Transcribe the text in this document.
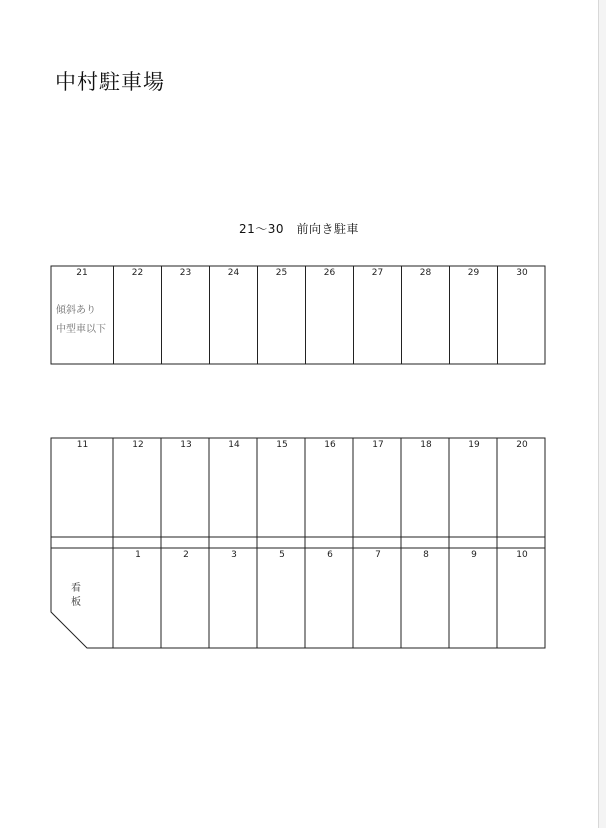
中村駐車場
21～30　前向き駐車
21
傾斜あり
中型車以下
22	23	24	25	26	27	28	29	30
11	12	13	14	15	16	17	18	19	20
看
板
1	2	3	5	6	7	8	9	10
